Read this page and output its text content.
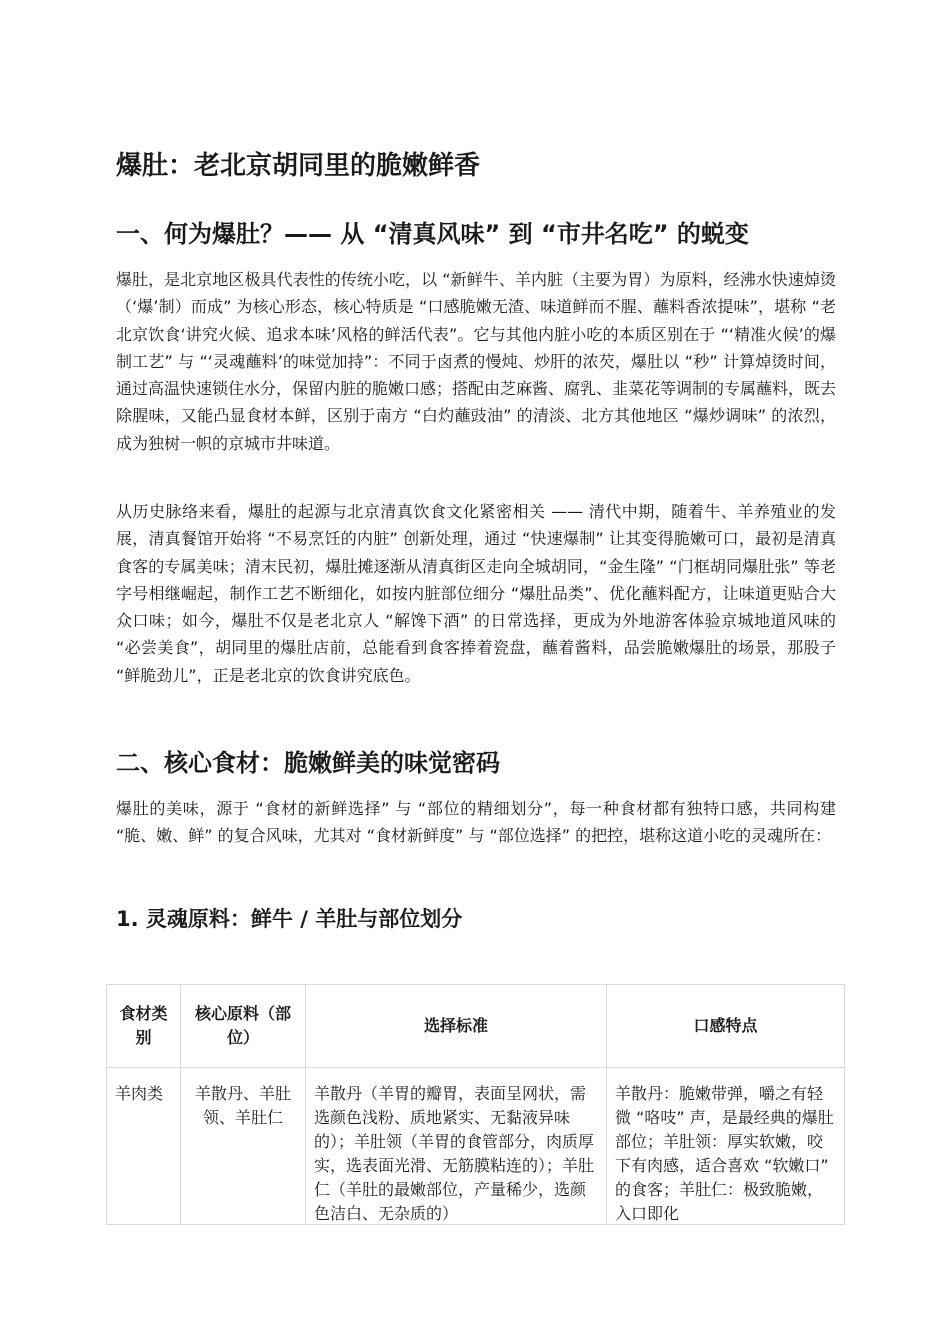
爆肚：老北京胡同里的脆嫩鲜香
一、何为爆肚？—— 从 “清真风味” 到 “市井名吃” 的蜕变

爆肚，是北京地区极具代表性的传统小吃，以 “新鲜牛、羊内脏（主要为胃）为原料，经沸水快速焯烫（‘爆’制）而成” 为核心形态，核心特质是 “口感脆嫩无渣、味道鲜而不腥、蘸料香浓提味”，堪称 “老北京饮食‘讲究火候、追求本味’风格的鲜活代表”。它与其他内脏小吃的本质区别在于 “‘精准火候’的爆制工艺” 与 “‘灵魂蘸料’的味觉加持”：不同于卤煮的慢炖、炒肝的浓芡，爆肚以 “秒” 计算焯烫时间，通过高温快速锁住水分，保留内脏的脆嫩口感；搭配由芝麻酱、腐乳、韭菜花等调制的专属蘸料，既去除腥味，又能凸显食材本鲜，区别于南方 “白灼蘸豉油” 的清淡、北方其他地区 “爆炒调味” 的浓烈，成为独树一帜的京城市井味道。

从历史脉络来看，爆肚的起源与北京清真饮食文化紧密相关 —— 清代中期，随着牛、羊养殖业的发展，清真餐馆开始将 “不易烹饪的内脏” 创新处理，通过 “快速爆制” 让其变得脆嫩可口，最初是清真食客的专属美味；清末民初，爆肚摊逐渐从清真街区走向全城胡同，“金生隆” “门框胡同爆肚张” 等老字号相继崛起，制作工艺不断细化，如按内脏部位细分 “爆肚品类”、优化蘸料配方，让味道更贴合大众口味；如今，爆肚不仅是老北京人 “解馋下酒” 的日常选择，更成为外地游客体验京城地道风味的 “必尝美食”，胡同里的爆肚店前，总能看到食客捧着瓷盘，蘸着酱料，品尝脆嫩爆肚的场景，那股子 “鲜脆劲儿”，正是老北京的饮食讲究底色。

二、核心食材：脆嫩鲜美的味觉密码

爆肚的美味，源于 “食材的新鲜选择” 与 “部位的精细划分”，每一种食材都有独特口感，共同构建 “脆、嫩、鲜” 的复合风味，尤其对 “食材新鲜度” 与 “部位选择” 的把控，堪称这道小吃的灵魂所在：

1. 灵魂原料：鲜牛 / 羊肚与部位划分
食材类别	核心原料（部位）	选择标准	口感特点

羊肉类	羊散丹、羊肚领、羊肚仁	羊散丹（羊胃的瓣胃，表面呈网状，需选颜色浅粉、质地紧实、无黏液异味的）；羊肚领（羊胃的食管部分，肉质厚实，选表面光滑、无筋膜粘连的）；羊肚仁（羊肚的最嫩部位，产量稀少，选颜色洁白、无杂质的）	羊散丹：脆嫩带弹，嚼之有轻微 “咯吱” 声，是最经典的爆肚部位；羊肚领：厚实软嫩，咬下有肉感，适合喜欢 “软嫩口” 的食客；羊肚仁：极致脆嫩，入口即化
